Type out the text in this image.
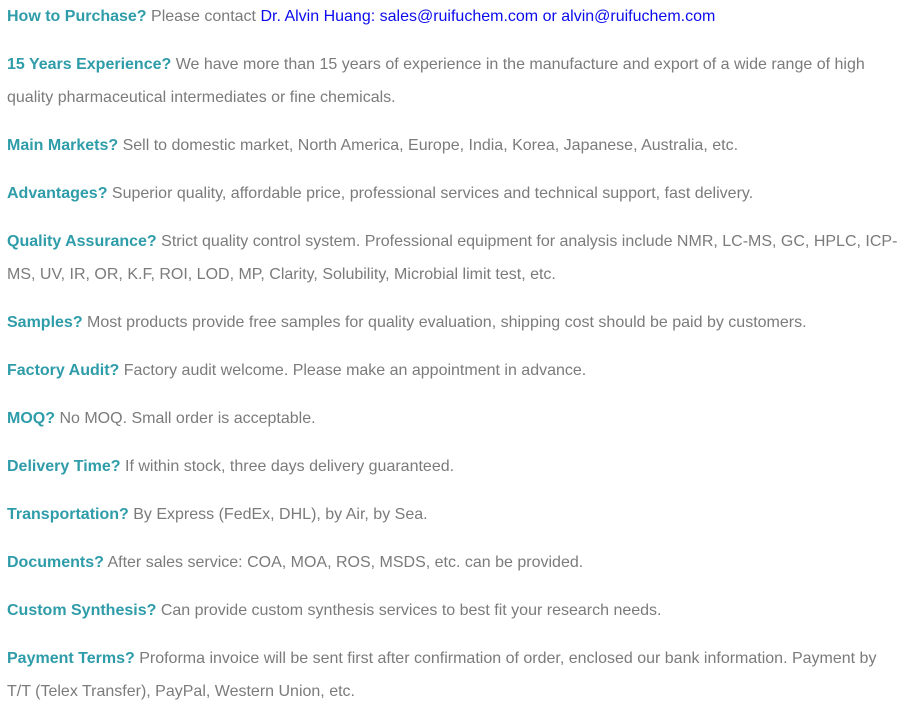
How to Purchase? Please contact Dr. Alvin Huang: sales@ruifuchem.com or alvin@ruifuchem.com

15 Years Experience? We have more than 15 years of experience in the manufacture and export of a wide range of high quality pharmaceutical intermediates or fine chemicals.

Main Markets? Sell to domestic market, North America, Europe, India, Korea, Japanese, Australia, etc.

Advantages? Superior quality, affordable price, professional services and technical support, fast delivery.

Quality Assurance? Strict quality control system. Professional equipment for analysis include NMR, LC-MS, GC, HPLC, ICP-MS, UV, IR, OR, K.F, ROI, LOD, MP, Clarity, Solubility, Microbial limit test, etc.

Samples? Most products provide free samples for quality evaluation, shipping cost should be paid by customers.

Factory Audit? Factory audit welcome. Please make an appointment in advance.

MOQ? No MOQ. Small order is acceptable.

Delivery Time? If within stock, three days delivery guaranteed.

Transportation? By Express (FedEx, DHL), by Air, by Sea.

Documents? After sales service: COA, MOA, ROS, MSDS, etc. can be provided.

Custom Synthesis? Can provide custom synthesis services to best fit your research needs.

Payment Terms? Proforma invoice will be sent first after confirmation of order, enclosed our bank information. Payment by T/T (Telex Transfer), PayPal, Western Union, etc.
